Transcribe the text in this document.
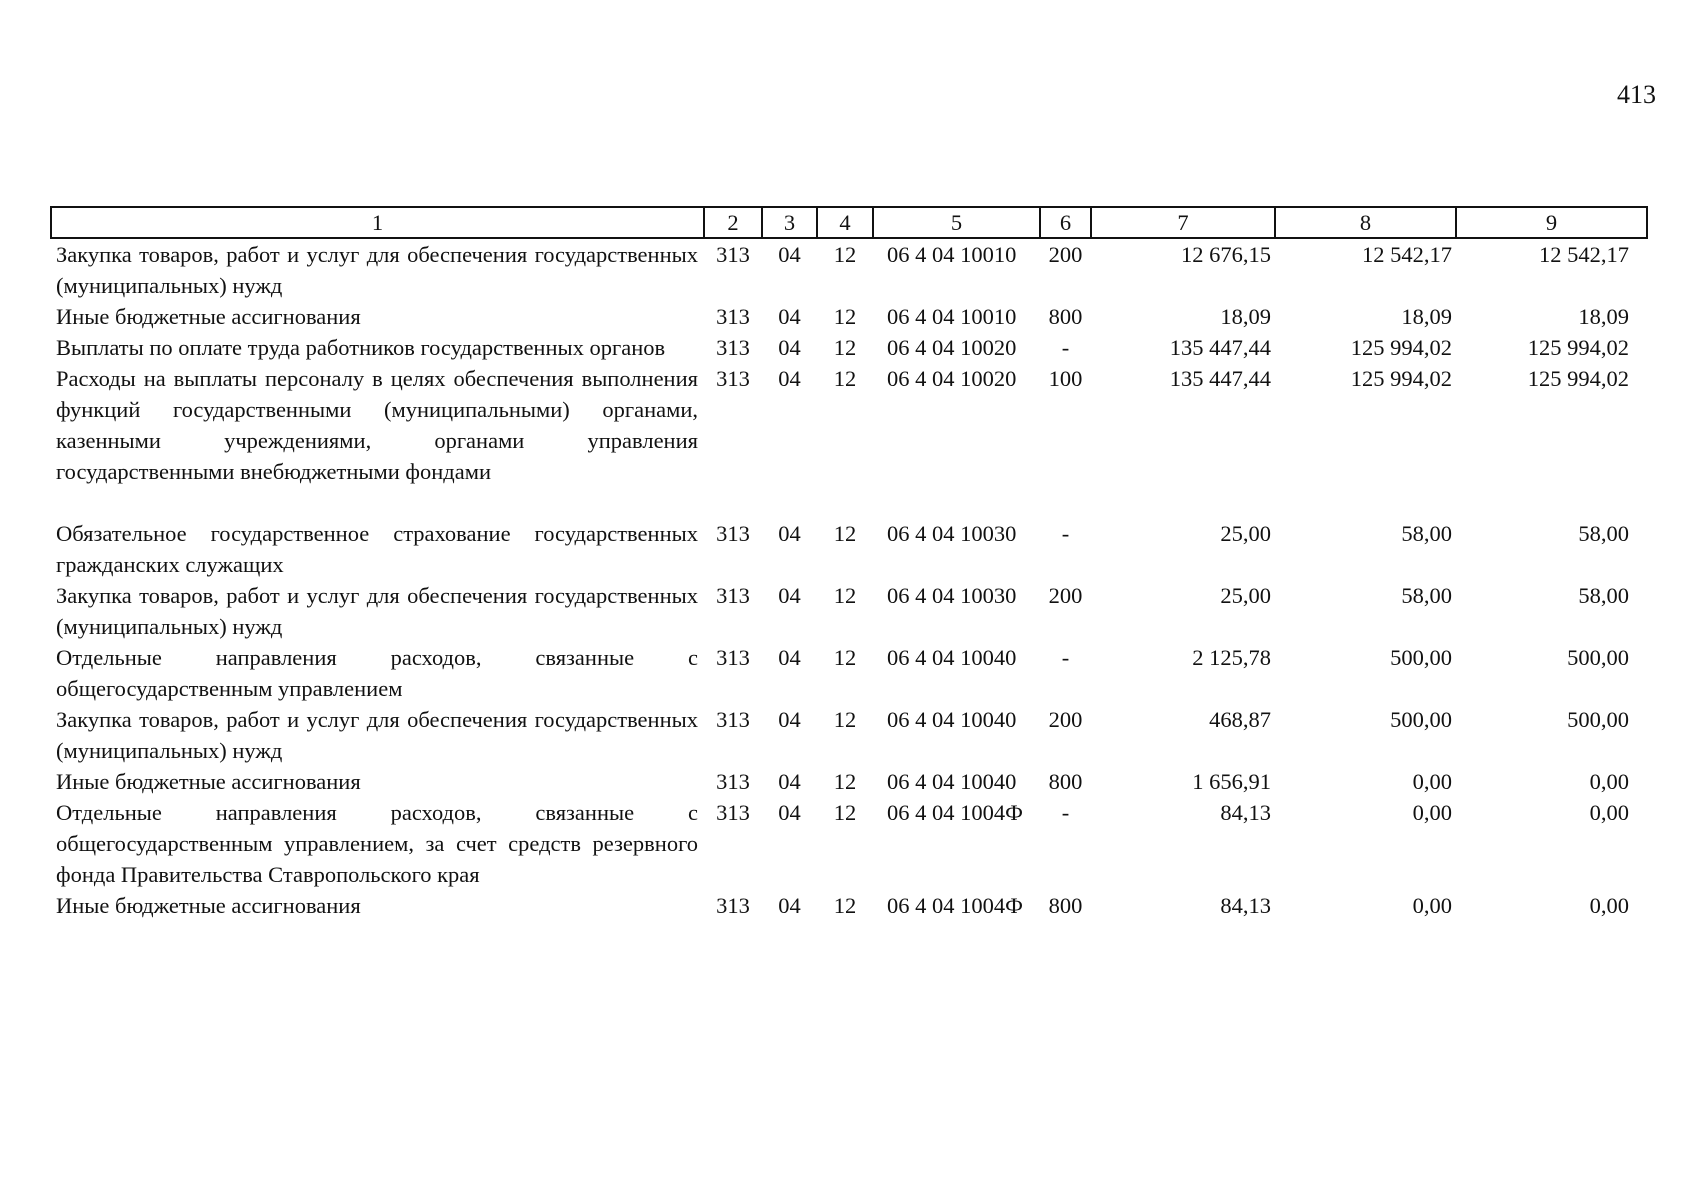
413
1	2	3	4	5	6	7	8	9
Закупка товаров, работ и услуг для обеспечения государственных (муниципальных) нужд	313	04	12	06 4 04 10010	200	12 676,15	12 542,17	12 542,17
Иные бюджетные ассигнования	313	04	12	06 4 04 10010	800	18,09	18,09	18,09
Выплаты по оплате труда работников государственных органов	313	04	12	06 4 04 10020	-	135 447,44	125 994,02	125 994,02
Расходы на выплаты персоналу в целях обеспечения выполнения функций государственными (муниципальными) органами, казенными учреждениями, органами управления государственными внебюджетными фондами	313	04	12	06 4 04 10020	100	135 447,44	125 994,02	125 994,02

Обязательное государственное страхование государственных гражданских служащих	313	04	12	06 4 04 10030	-	25,00	58,00	58,00
Закупка товаров, работ и услуг для обеспечения государственных (муниципальных) нужд	313	04	12	06 4 04 10030	200	25,00	58,00	58,00
Отдельные направления расходов, связанные с общегосударственным управлением	313	04	12	06 4 04 10040	-	2 125,78	500,00	500,00
Закупка товаров, работ и услуг для обеспечения государственных (муниципальных) нужд	313	04	12	06 4 04 10040	200	468,87	500,00	500,00
Иные бюджетные ассигнования	313	04	12	06 4 04 10040	800	1 656,91	0,00	0,00
Отдельные направления расходов, связанные с общегосударственным управлением, за счет средств резервного фонда Правительства Ставропольского края	313	04	12	06 4 04 1004Ф	-	84,13	0,00	0,00
Иные бюджетные ассигнования	313	04	12	06 4 04 1004Ф	800	84,13	0,00	0,00
